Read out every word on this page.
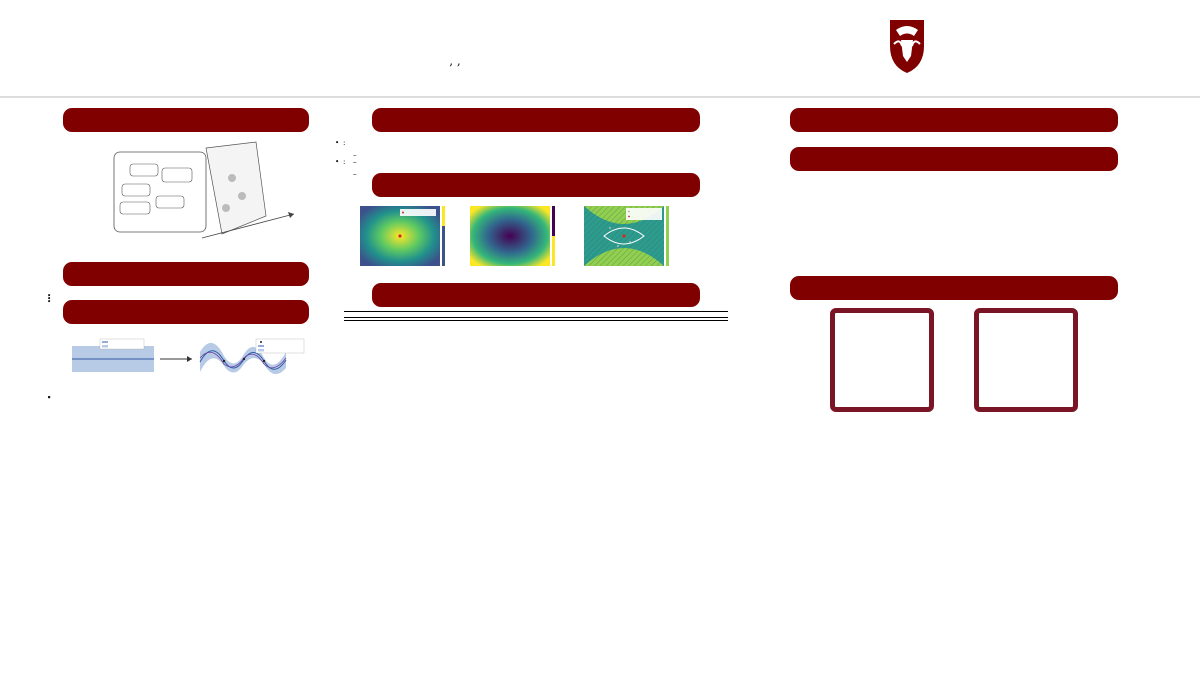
, ,

• :
• :
